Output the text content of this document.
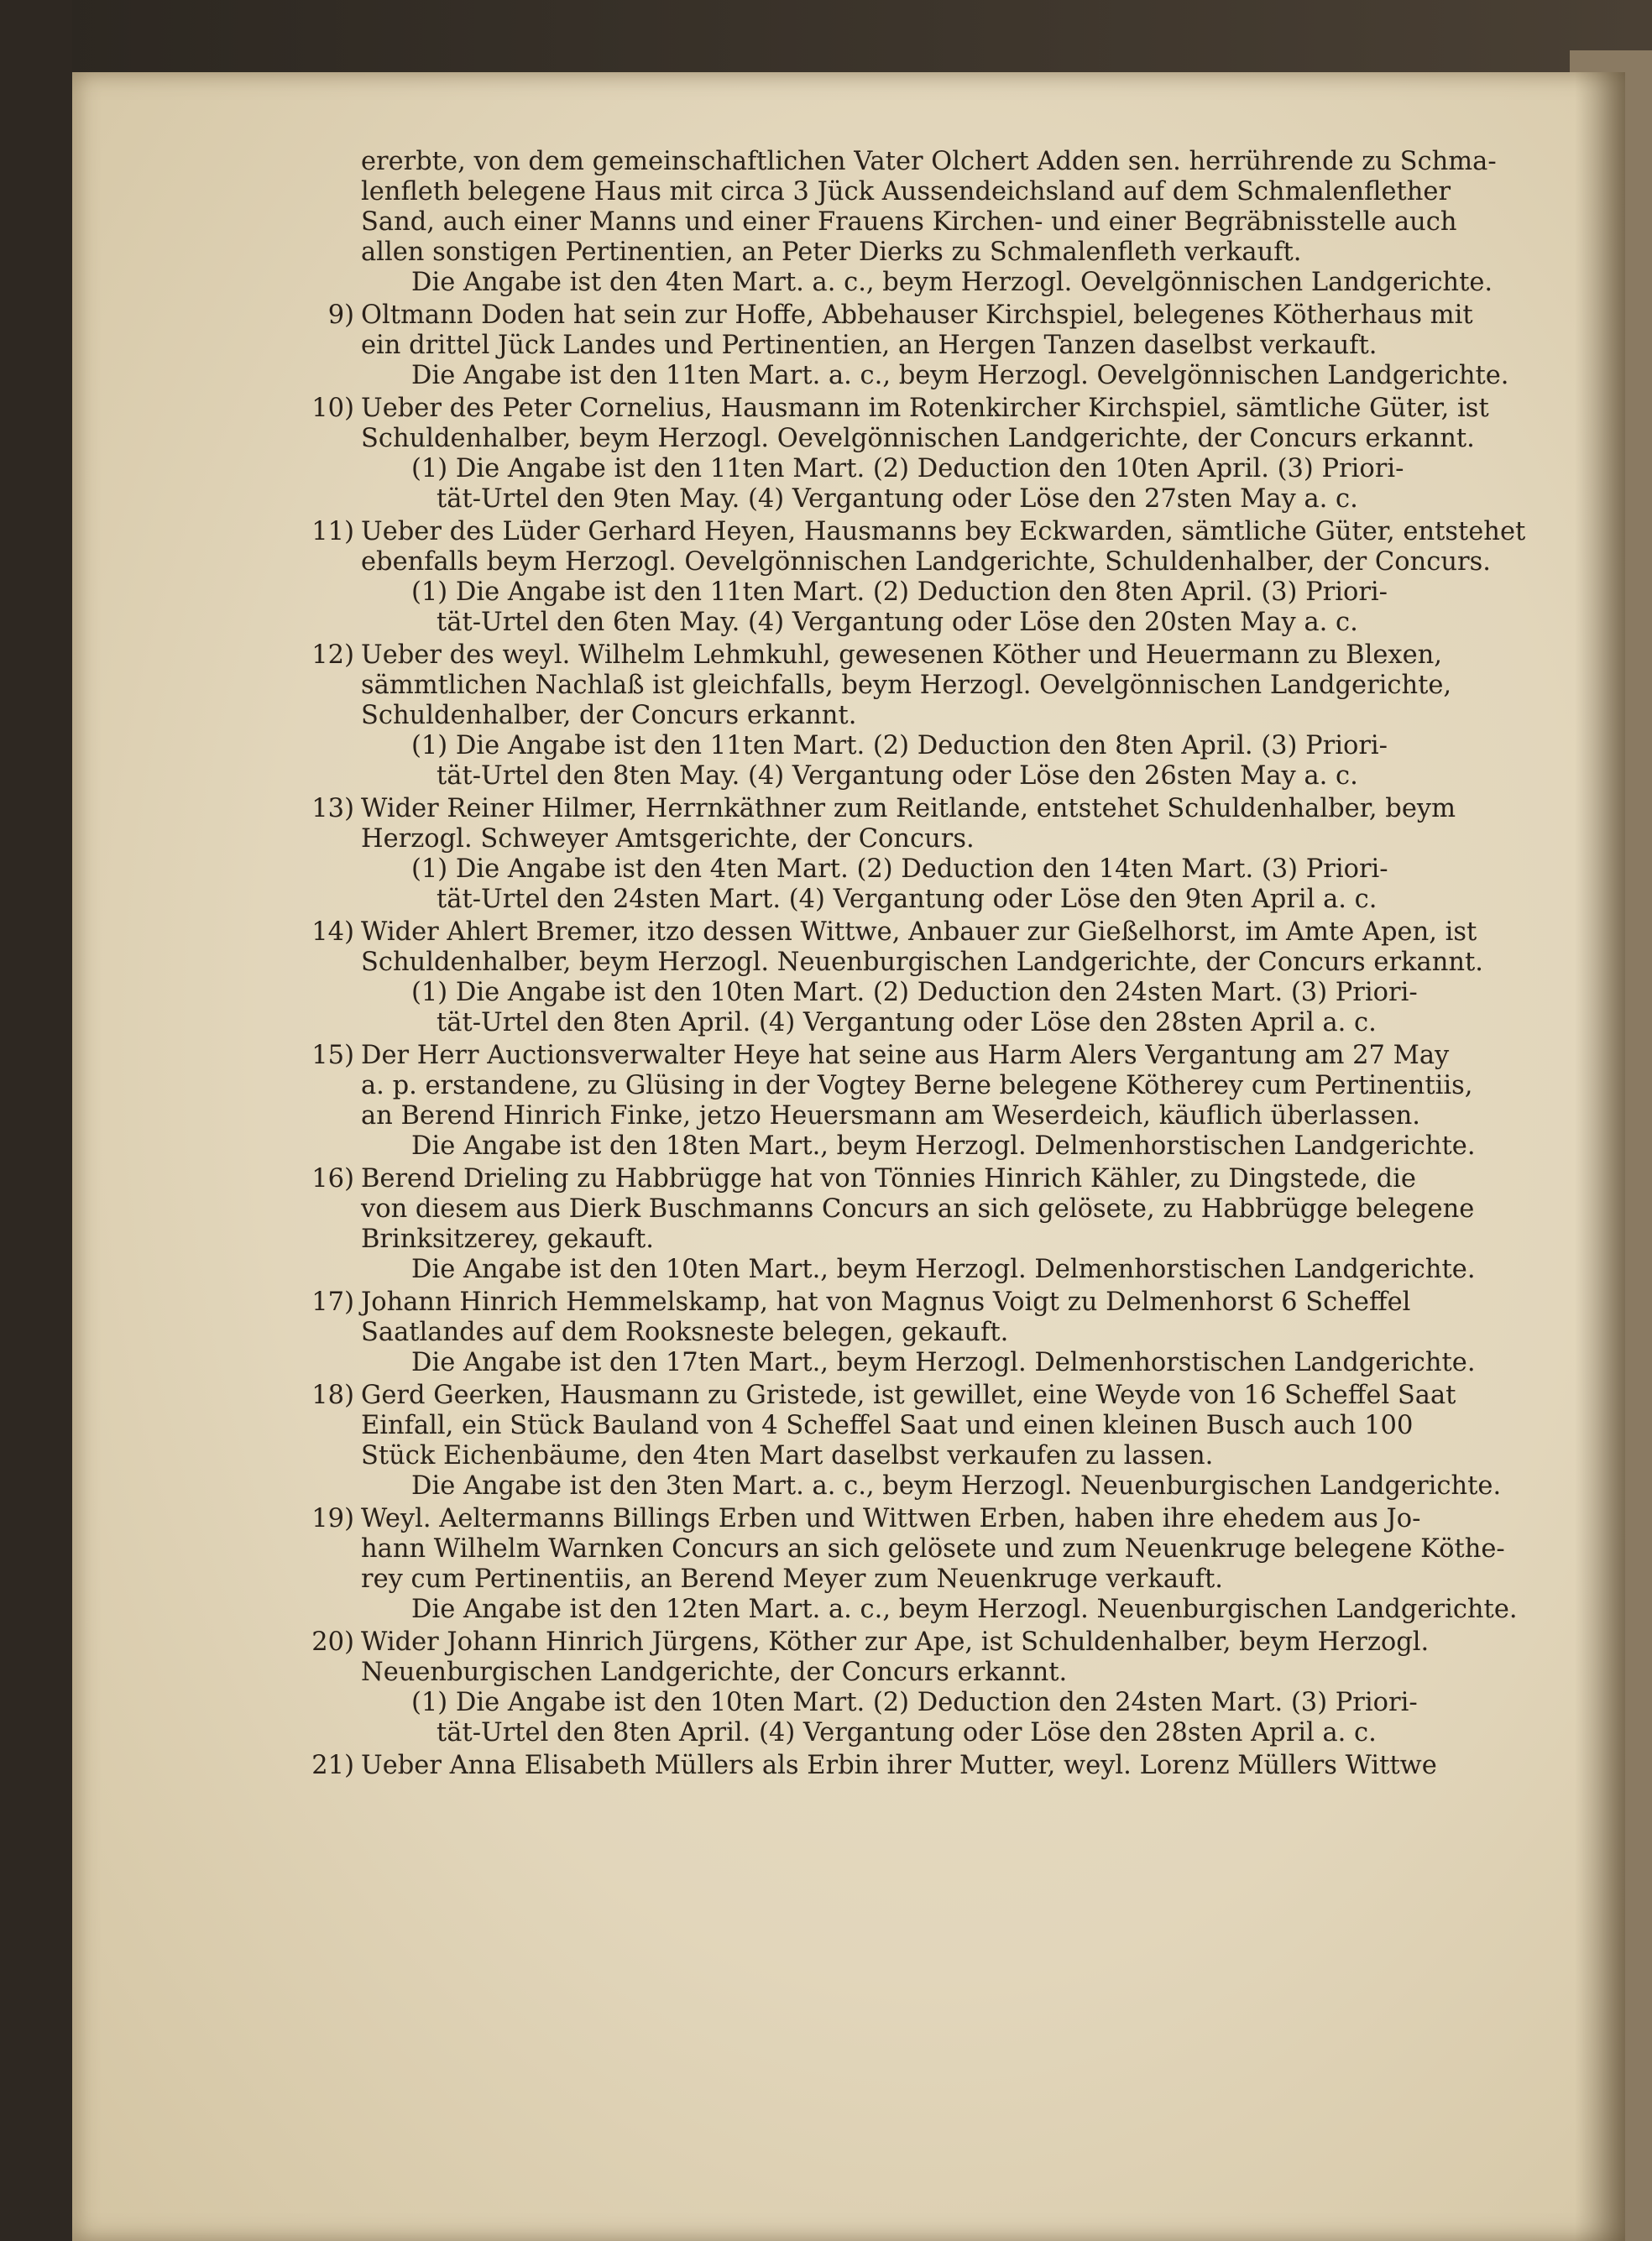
ererbte, von dem gemeinschaftlichen Vater Olchert Adden sen. herrührende zu Schma-

lenfleth belegene Haus mit circa 3 Jück Aussendeichsland auf dem Schmalenflether

Sand, auch einer Manns und einer Frauens Kirchen- und einer Begräbnisstelle auch

allen sonstigen Pertinentien, an Peter Dierks zu Schmalenfleth verkauft.

Die Angabe ist den 4ten Mart. a. c., beym Herzogl. Oevelgönnischen Landgerichte.

9) Oltmann Doden hat sein zur Hoffe, Abbehauser Kirchspiel, belegenes Kötherhaus mit

ein drittel Jück Landes und Pertinentien, an Hergen Tanzen daselbst verkauft.

Die Angabe ist den 11ten Mart. a. c., beym Herzogl. Oevelgönnischen Landgerichte.

10) Ueber des Peter Cornelius, Hausmann im Rotenkircher Kirchspiel, sämtliche Güter, ist

Schuldenhalber, beym Herzogl. Oevelgönnischen Landgerichte, der Concurs erkannt.

(1) Die Angabe ist den 11ten Mart. (2) Deduction den 10ten April. (3) Priori-

tät-Urtel den 9ten May. (4) Vergantung oder Löse den 27sten May a. c.

11) Ueber des Lüder Gerhard Heyen, Hausmanns bey Eckwarden, sämtliche Güter, entstehet

ebenfalls beym Herzogl. Oevelgönnischen Landgerichte, Schuldenhalber, der Concurs.

(1) Die Angabe ist den 11ten Mart. (2) Deduction den 8ten April. (3) Priori-

tät-Urtel den 6ten May. (4) Vergantung oder Löse den 20sten May a. c.

12) Ueber des weyl. Wilhelm Lehmkuhl, gewesenen Köther und Heuermann zu Blexen,

sämmtlichen Nachlaß ist gleichfalls, beym Herzogl. Oevelgönnischen Landgerichte,

Schuldenhalber, der Concurs erkannt.

(1) Die Angabe ist den 11ten Mart. (2) Deduction den 8ten April. (3) Priori-

tät-Urtel den 8ten May. (4) Vergantung oder Löse den 26sten May a. c.

13) Wider Reiner Hilmer, Herrnkäthner zum Reitlande, entstehet Schuldenhalber, beym

Herzogl. Schweyer Amtsgerichte, der Concurs.

(1) Die Angabe ist den 4ten Mart. (2) Deduction den 14ten Mart. (3) Priori-

tät-Urtel den 24sten Mart. (4) Vergantung oder Löse den 9ten April a. c.

14) Wider Ahlert Bremer, itzo dessen Wittwe, Anbauer zur Gießelhorst, im Amte Apen, ist

Schuldenhalber, beym Herzogl. Neuenburgischen Landgerichte, der Concurs erkannt.

(1) Die Angabe ist den 10ten Mart. (2) Deduction den 24sten Mart. (3) Priori-

tät-Urtel den 8ten April. (4) Vergantung oder Löse den 28sten April a. c.

15) Der Herr Auctionsverwalter Heye hat seine aus Harm Alers Vergantung am 27 May

a. p. erstandene, zu Glüsing in der Vogtey Berne belegene Kötherey cum Pertinentiis,

an Berend Hinrich Finke, jetzo Heuersmann am Weserdeich, käuflich überlassen.

Die Angabe ist den 18ten Mart., beym Herzogl. Delmenhorstischen Landgerichte.

16) Berend Drieling zu Habbrügge hat von Tönnies Hinrich Kähler, zu Dingstede, die

von diesem aus Dierk Buschmanns Concurs an sich gelösete, zu Habbrügge belegene

Brinksitzerey, gekauft.

Die Angabe ist den 10ten Mart., beym Herzogl. Delmenhorstischen Landgerichte.

17) Johann Hinrich Hemmelskamp, hat von Magnus Voigt zu Delmenhorst 6 Scheffel

Saatlandes auf dem Rooksneste belegen, gekauft.

Die Angabe ist den 17ten Mart., beym Herzogl. Delmenhorstischen Landgerichte.

18) Gerd Geerken, Hausmann zu Gristede, ist gewillet, eine Weyde von 16 Scheffel Saat

Einfall, ein Stück Bauland von 4 Scheffel Saat und einen kleinen Busch auch 100

Stück Eichenbäume, den 4ten Mart daselbst verkaufen zu lassen.

Die Angabe ist den 3ten Mart. a. c., beym Herzogl. Neuenburgischen Landgerichte.

19) Weyl. Aeltermanns Billings Erben und Wittwen Erben, haben ihre ehedem aus Jo-

hann Wilhelm Warnken Concurs an sich gelösete und zum Neuenkruge belegene Köthe-

rey cum Pertinentiis, an Berend Meyer zum Neuenkruge verkauft.

Die Angabe ist den 12ten Mart. a. c., beym Herzogl. Neuenburgischen Landgerichte.

20) Wider Johann Hinrich Jürgens, Köther zur Ape, ist Schuldenhalber, beym Herzogl.

Neuenburgischen Landgerichte, der Concurs erkannt.

(1) Die Angabe ist den 10ten Mart. (2) Deduction den 24sten Mart. (3) Priori-

tät-Urtel den 8ten April. (4) Vergantung oder Löse den 28sten April a. c.

21) Ueber Anna Elisabeth Müllers als Erbin ihrer Mutter, weyl. Lorenz Müllers Wittwe
